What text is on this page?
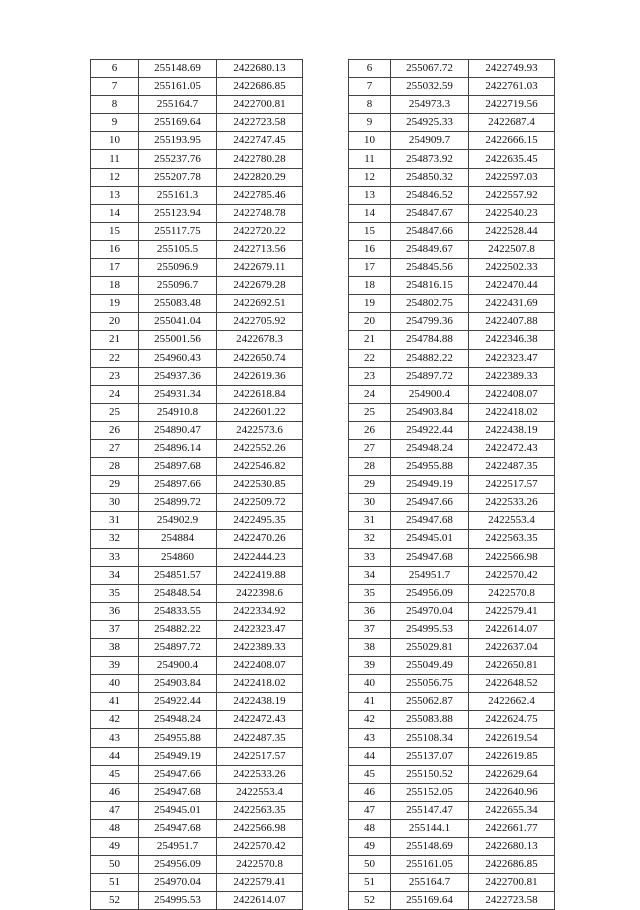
6	255148.69	2422680.13
7	255161.05	2422686.85
8	255164.7	2422700.81
9	255169.64	2422723.58
10	255193.95	2422747.45
11	255237.76	2422780.28
12	255207.78	2422820.29
13	255161.3	2422785.46
14	255123.94	2422748.78
15	255117.75	2422720.22
16	255105.5	2422713.56
17	255096.9	2422679.11
18	255096.7	2422679.28
19	255083.48	2422692.51
20	255041.04	2422705.92
21	255001.56	2422678.3
22	254960.43	2422650.74
23	254937.36	2422619.36
24	254931.34	2422618.84
25	254910.8	2422601.22
26	254890.47	2422573.6
27	254896.14	2422552.26
28	254897.68	2422546.82
29	254897.66	2422530.85
30	254899.72	2422509.72
31	254902.9	2422495.35
32	254884	2422470.26
33	254860	2422444.23
34	254851.57	2422419.88
35	254848.54	2422398.6
36	254833.55	2422334.92
37	254882.22	2422323.47
38	254897.72	2422389.33
39	254900.4	2422408.07
40	254903.84	2422418.02
41	254922.44	2422438.19
42	254948.24	2422472.43
43	254955.88	2422487.35
44	254949.19	2422517.57
45	254947.66	2422533.26
46	254947.68	2422553.4
47	254945.01	2422563.35
48	254947.68	2422566.98
49	254951.7	2422570.42
50	254956.09	2422570.8
51	254970.04	2422579.41
52	254995.53	2422614.07
6	255067.72	2422749.93
7	255032.59	2422761.03
8	254973.3	2422719.56
9	254925.33	2422687.4
10	254909.7	2422666.15
11	254873.92	2422635.45
12	254850.32	2422597.03
13	254846.52	2422557.92
14	254847.67	2422540.23
15	254847.66	2422528.44
16	254849.67	2422507.8
17	254845.56	2422502.33
18	254816.15	2422470.44
19	254802.75	2422431.69
20	254799.36	2422407.88
21	254784.88	2422346.38
22	254882.22	2422323.47
23	254897.72	2422389.33
24	254900.4	2422408.07
25	254903.84	2422418.02
26	254922.44	2422438.19
27	254948.24	2422472.43
28	254955.88	2422487.35
29	254949.19	2422517.57
30	254947.66	2422533.26
31	254947.68	2422553.4
32	254945.01	2422563.35
33	254947.68	2422566.98
34	254951.7	2422570.42
35	254956.09	2422570.8
36	254970.04	2422579.41
37	254995.53	2422614.07
38	255029.81	2422637.04
39	255049.49	2422650.81
40	255056.75	2422648.52
41	255062.87	2422662.4
42	255083.88	2422624.75
43	255108.34	2422619.54
44	255137.07	2422619.85
45	255150.52	2422629.64
46	255152.05	2422640.96
47	255147.47	2422655.34
48	255144.1	2422661.77
49	255148.69	2422680.13
50	255161.05	2422686.85
51	255164.7	2422700.81
52	255169.64	2422723.58
